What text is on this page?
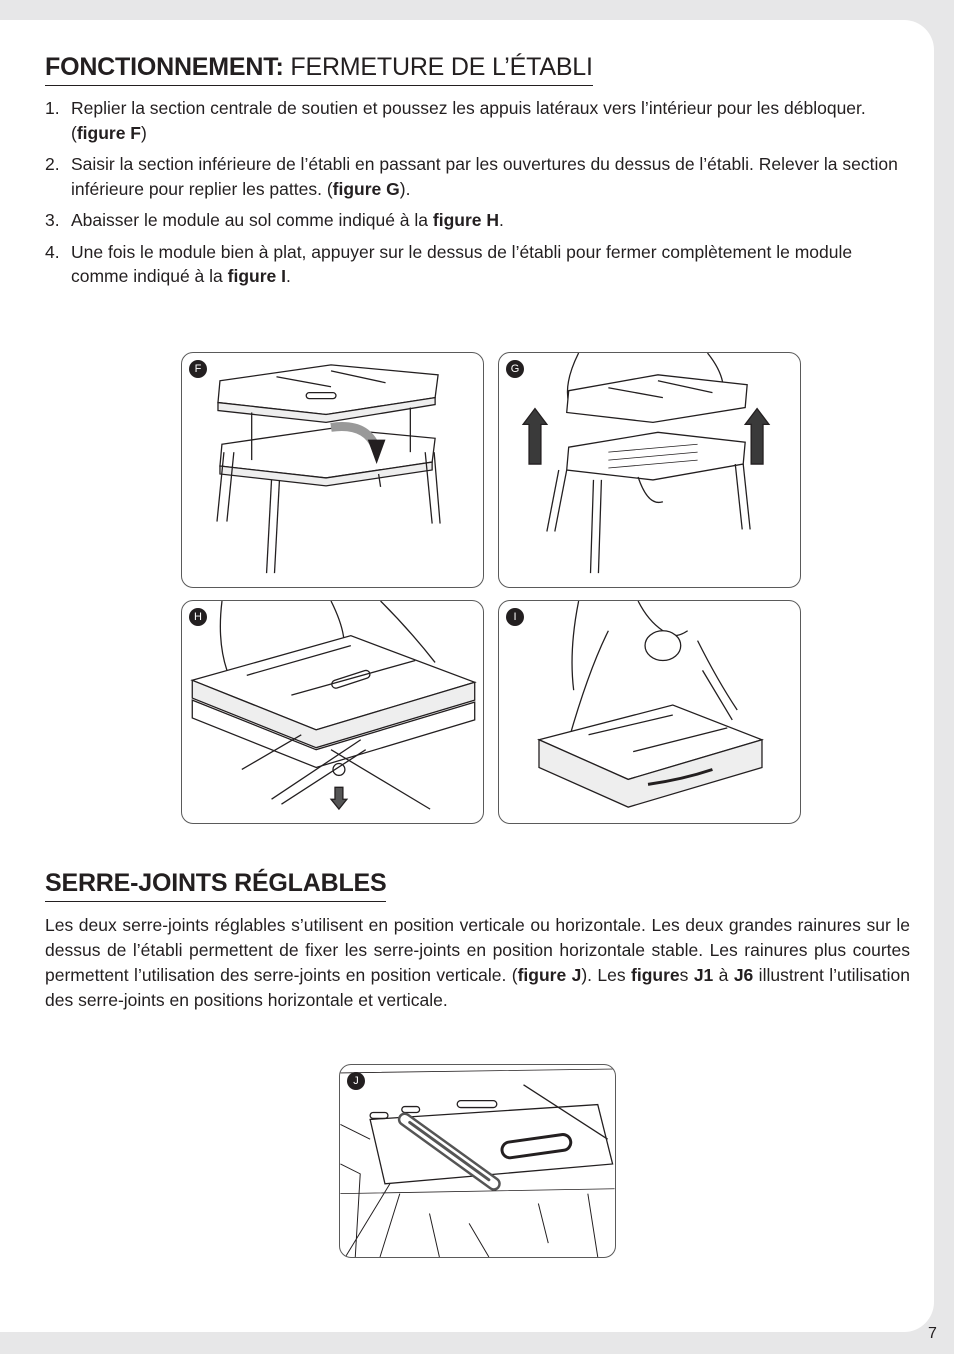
FONCTIONNEMENT: FERMETURE DE L’ÉTABLI
1. Replier la section centrale de soutien et poussez les appuis latéraux vers l’intérieur pour les débloquer. (figure F)
2. Saisir la section inférieure de l’établi en passant par les ouvertures du dessus de l’établi. Relever la section inférieure pour replier les pattes. (figure G).
3. Abaisser le module au sol comme indiqué à la figure H.
4. Une fois le module bien à plat, appuyer sur le dessus de l’établi pour fermer complètement le module comme indiqué à la figure I.
F	G
H	I
SERRE-JOINTS RÉGLABLES

Les deux serre-joints réglables s’utilisent en position verticale ou horizontale. Les deux grandes rainures sur le dessus de l’établi permettent de fixer les serre-joints en position horizontale stable. Les rainures plus courtes permettent l’utilisation des serre-joints en position verticale. (figure J). Les figures J1 à J6 illustrent l’utilisation des serre-joints en positions horizontale et verticale.

J
7
